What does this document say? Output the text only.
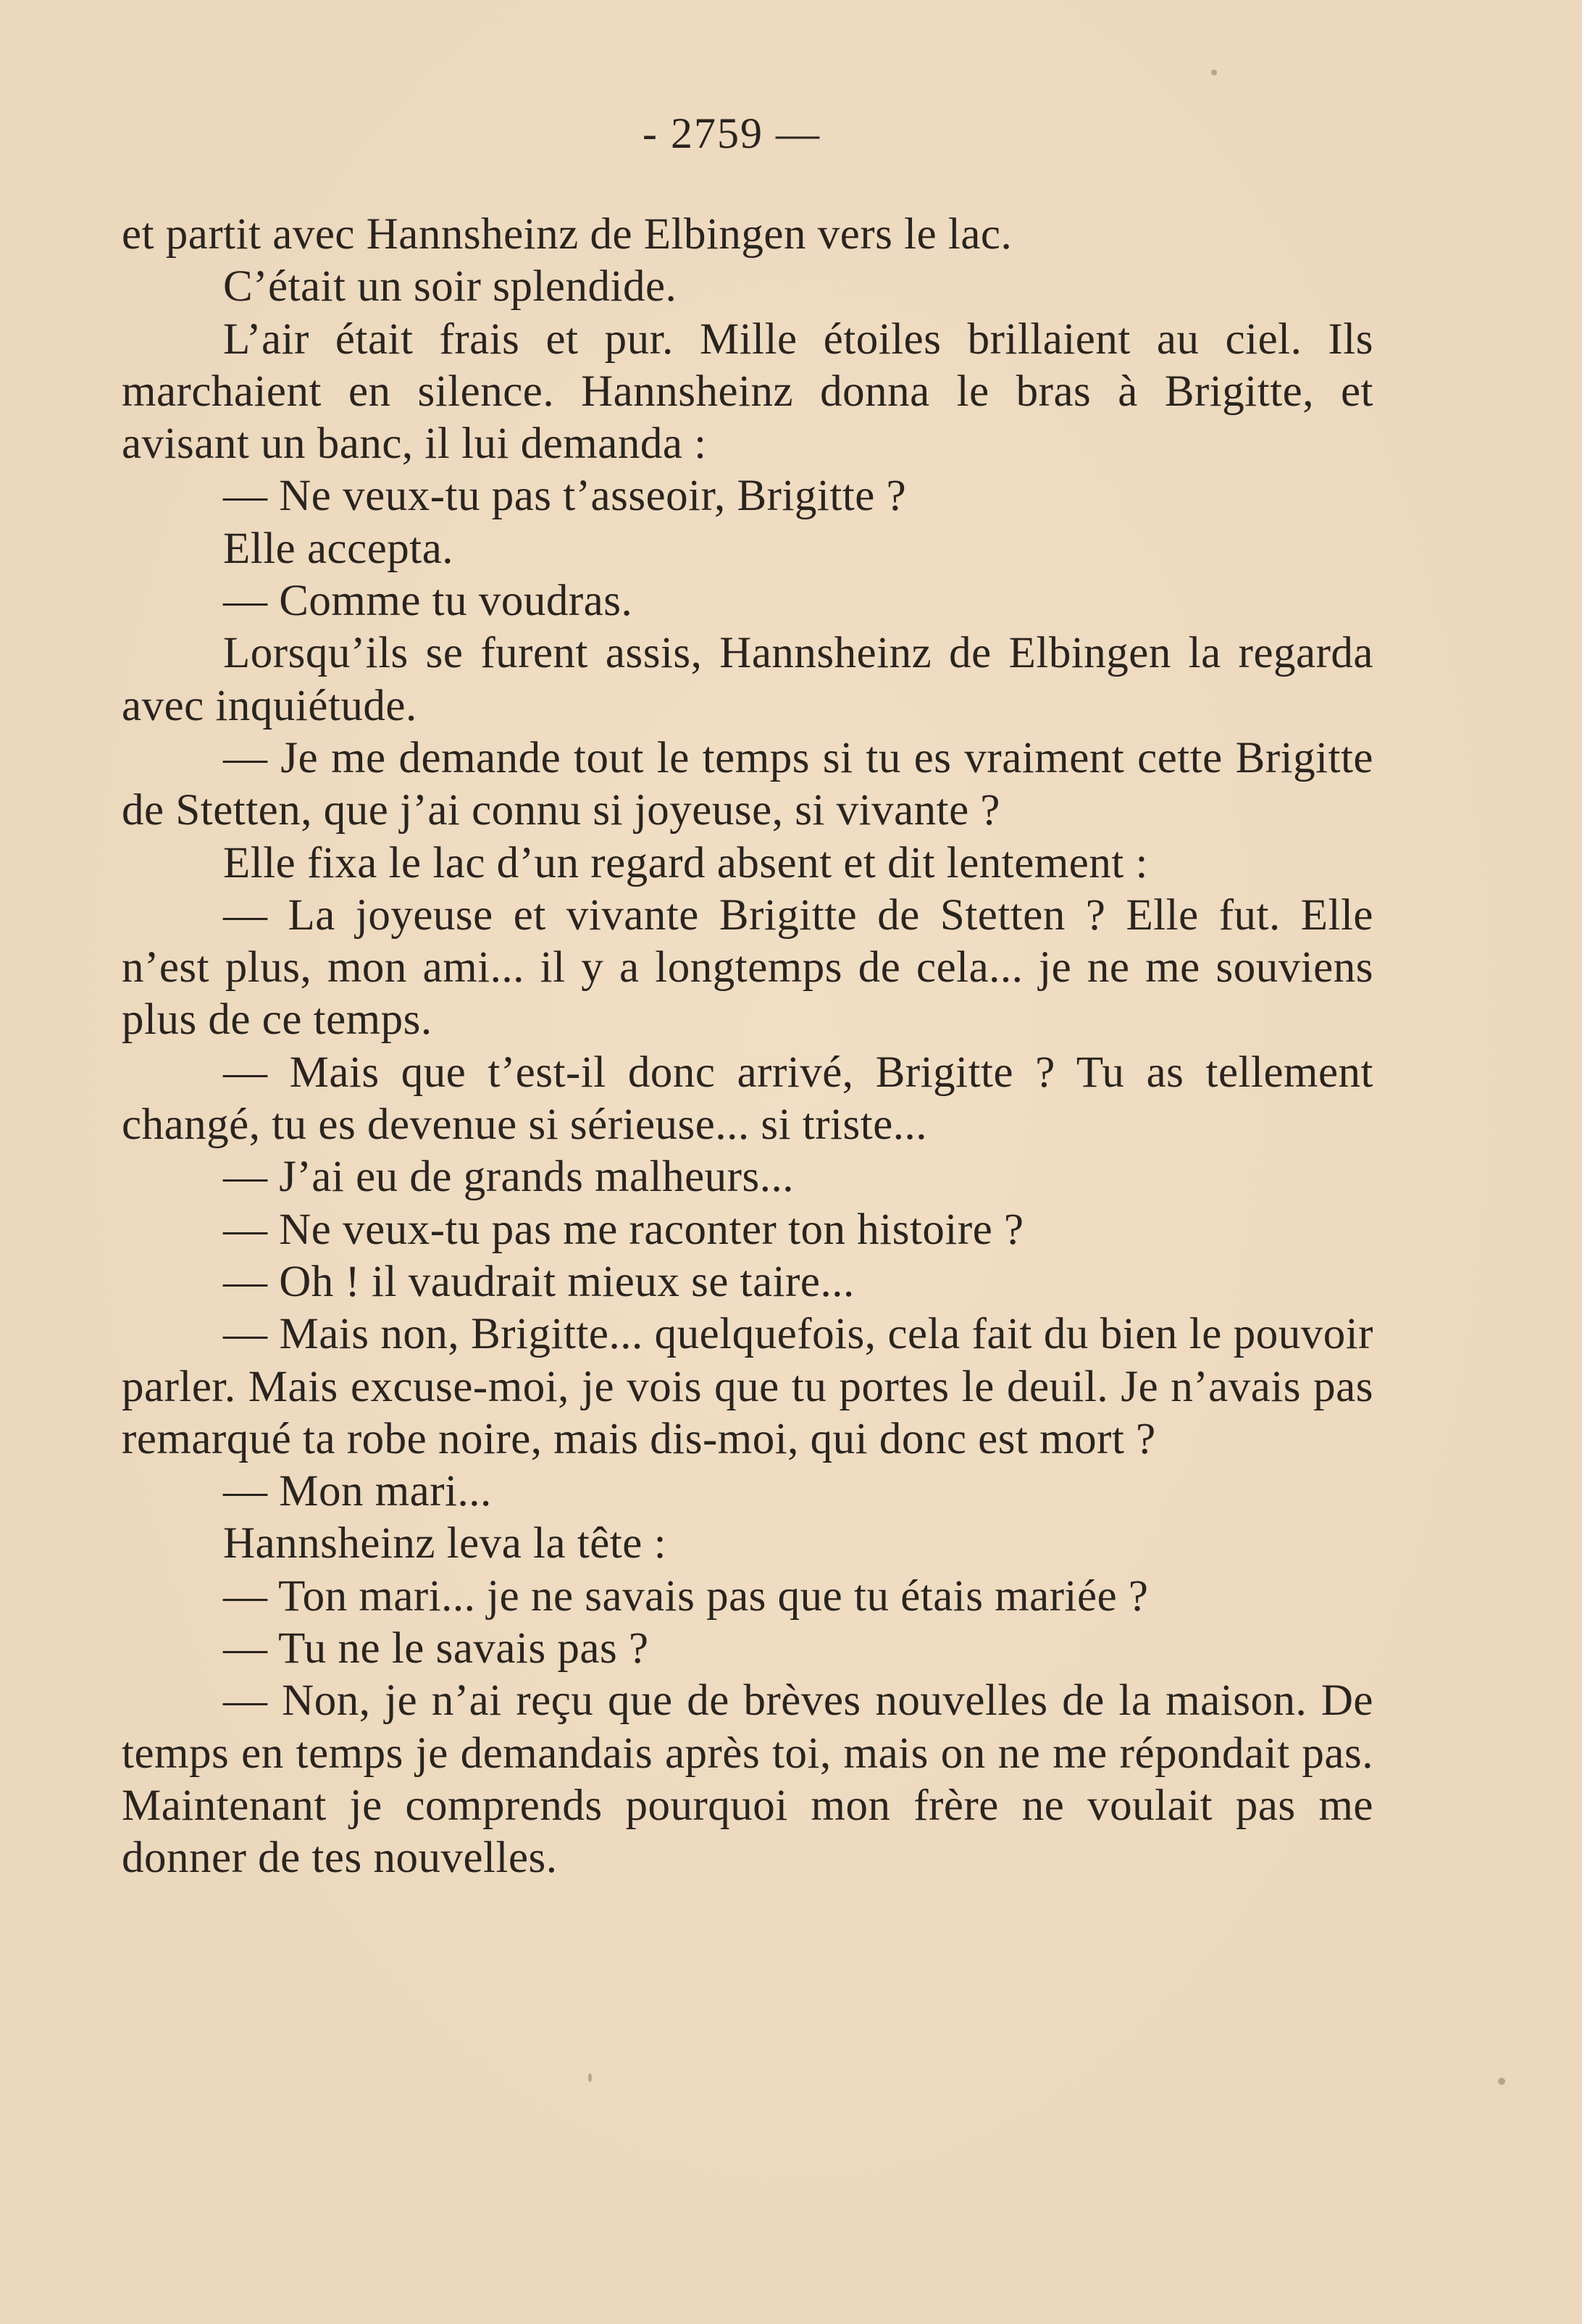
- 2759 —

et partit avec Hannsheinz de Elbingen vers le lac.

C’était un soir splendide.

L’air était frais et pur. Mille étoiles brillaient au ciel. Ils marchaient en silence. Hannsheinz donna le bras à Brigitte, et avisant un banc, il lui demanda :

— Ne veux-tu pas t’asseoir, Brigitte ?

Elle accepta.

— Comme tu voudras.

Lorsqu’ils se furent assis, Hannsheinz de Elbingen la regarda avec inquiétude.

— Je me demande tout le temps si tu es vraiment cette Brigitte de Stetten, que j’ai connu si joyeuse, si vivante ?

Elle fixa le lac d’un regard absent et dit lentement :

— La joyeuse et vivante Brigitte de Stetten ? Elle fut. Elle n’est plus, mon ami... il y a longtemps de cela... je ne me souviens plus de ce temps.

— Mais que t’est-il donc arrivé, Brigitte ? Tu as tellement changé, tu es devenue si sérieuse... si triste...

— J’ai eu de grands malheurs...

— Ne veux-tu pas me raconter ton histoire ?

— Oh ! il vaudrait mieux se taire...

— Mais non, Brigitte... quelquefois, cela fait du bien le pouvoir parler. Mais excuse-moi, je vois que tu portes le deuil. Je n’avais pas remarqué ta robe noire, mais dis-moi, qui donc est mort ?

— Mon mari...

Hannsheinz leva la tête :

— Ton mari... je ne savais pas que tu étais mariée ?

— Tu ne le savais pas ?

— Non, je n’ai reçu que de brèves nouvelles de la maison. De temps en temps je demandais après toi, mais on ne me répondait pas. Maintenant je comprends pourquoi mon frère ne voulait pas me donner de tes nouvelles.
